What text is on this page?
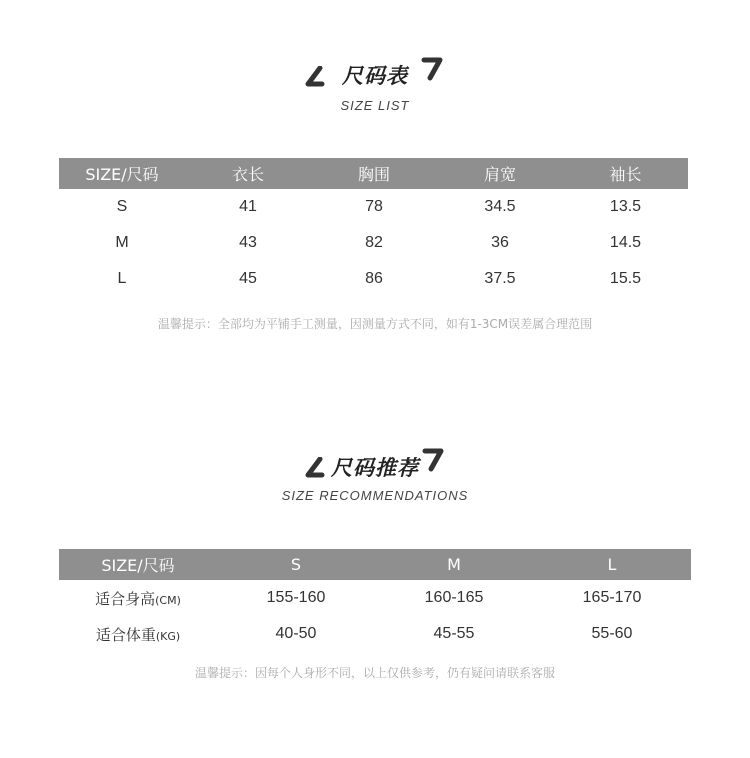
尺码表
SIZE LIST
SIZE/尺码	衣长	胸围	肩宽	袖长
S	41	78	34.5	13.5
M	43	82	36	14.5
L	45	86	37.5	15.5
温馨提示：全部均为平铺手工测量，因测量方式不同，如有1-3CM误差属合理范围
尺码推荐
SIZE RECOMMENDATIONS
SIZE/尺码	S	M	L
适合身高(CM)	155-160	160-165	165-170
适合体重(KG)	40-50	45-55	55-60
温馨提示：因每个人身形不同，以上仅供参考，仍有疑问请联系客服
